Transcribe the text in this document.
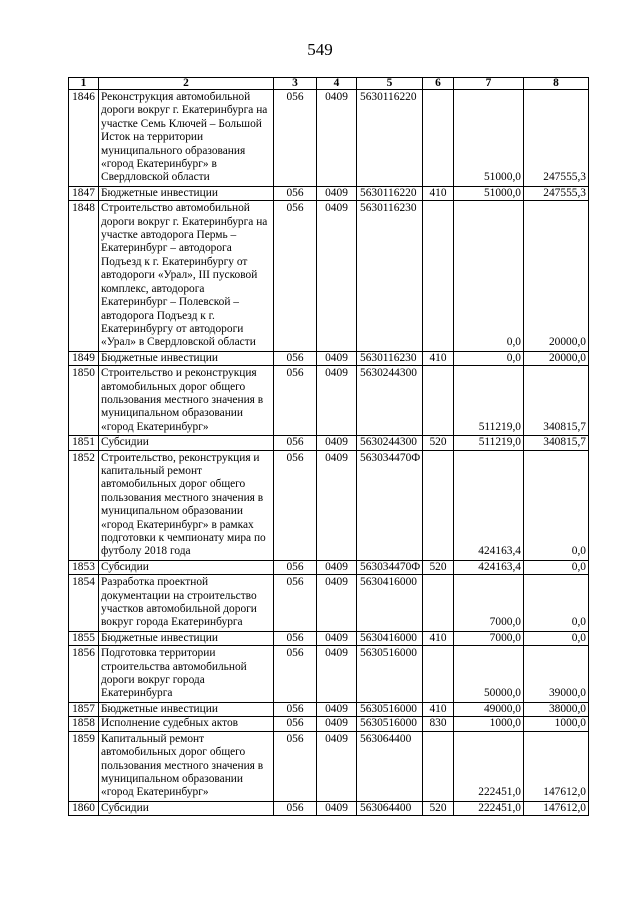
549
1	2	3	4	5	6	7	8
1846	Реконструкция автомобильной дороги вокруг г. Екатеринбурга на участке Семь Ключей – Большой Исток на территории муниципального образования «город Екатеринбург» в Свердловской области	056	0409	5630116220		51000,0	247555,3
1847	Бюджетные инвестиции	056	0409	5630116220	410	51000,0	247555,3
1848	Строительство автомобильной дороги вокруг г. Екатеринбурга на участке автодорога Пермь – Екатеринбург – автодорога Подъезд к г. Екатеринбургу от автодороги «Урал», III пусковой комплекс, автодорога Екатеринбург – Полевской – автодорога Подъезд к г. Екатеринбургу от автодороги «Урал» в Свердловской области	056	0409	5630116230		0,0	20000,0
1849	Бюджетные инвестиции	056	0409	5630116230	410	0,0	20000,0
1850	Строительство и реконструкция автомобильных дорог общего пользования местного значения в муниципальном образовании «город Екатеринбург»	056	0409	5630244300		511219,0	340815,7
1851	Субсидии	056	0409	5630244300	520	511219,0	340815,7
1852	Строительство, реконструкция и капитальный ремонт автомобильных дорог общего пользования местного значения в муниципальном образовании «город Екатеринбург» в рамках подготовки к чемпионату мира по футболу 2018 года	056	0409	563034470Ф		424163,4	0,0
1853	Субсидии	056	0409	563034470Ф	520	424163,4	0,0
1854	Разработка проектной документации на строительство участков автомобильной дороги вокруг города Екатеринбурга	056	0409	5630416000		7000,0	0,0
1855	Бюджетные инвестиции	056	0409	5630416000	410	7000,0	0,0
1856	Подготовка территории строительства автомобильной дороги вокруг города Екатеринбурга	056	0409	5630516000		50000,0	39000,0
1857	Бюджетные инвестиции	056	0409	5630516000	410	49000,0	38000,0
1858	Исполнение судебных актов	056	0409	5630516000	830	1000,0	1000,0
1859	Капитальный ремонт автомобильных дорог общего пользования местного значения в муниципальном образовании «город Екатеринбург»	056	0409	563064400		222451,0	147612,0
1860	Субсидии	056	0409	563064400	520	222451,0	147612,0
